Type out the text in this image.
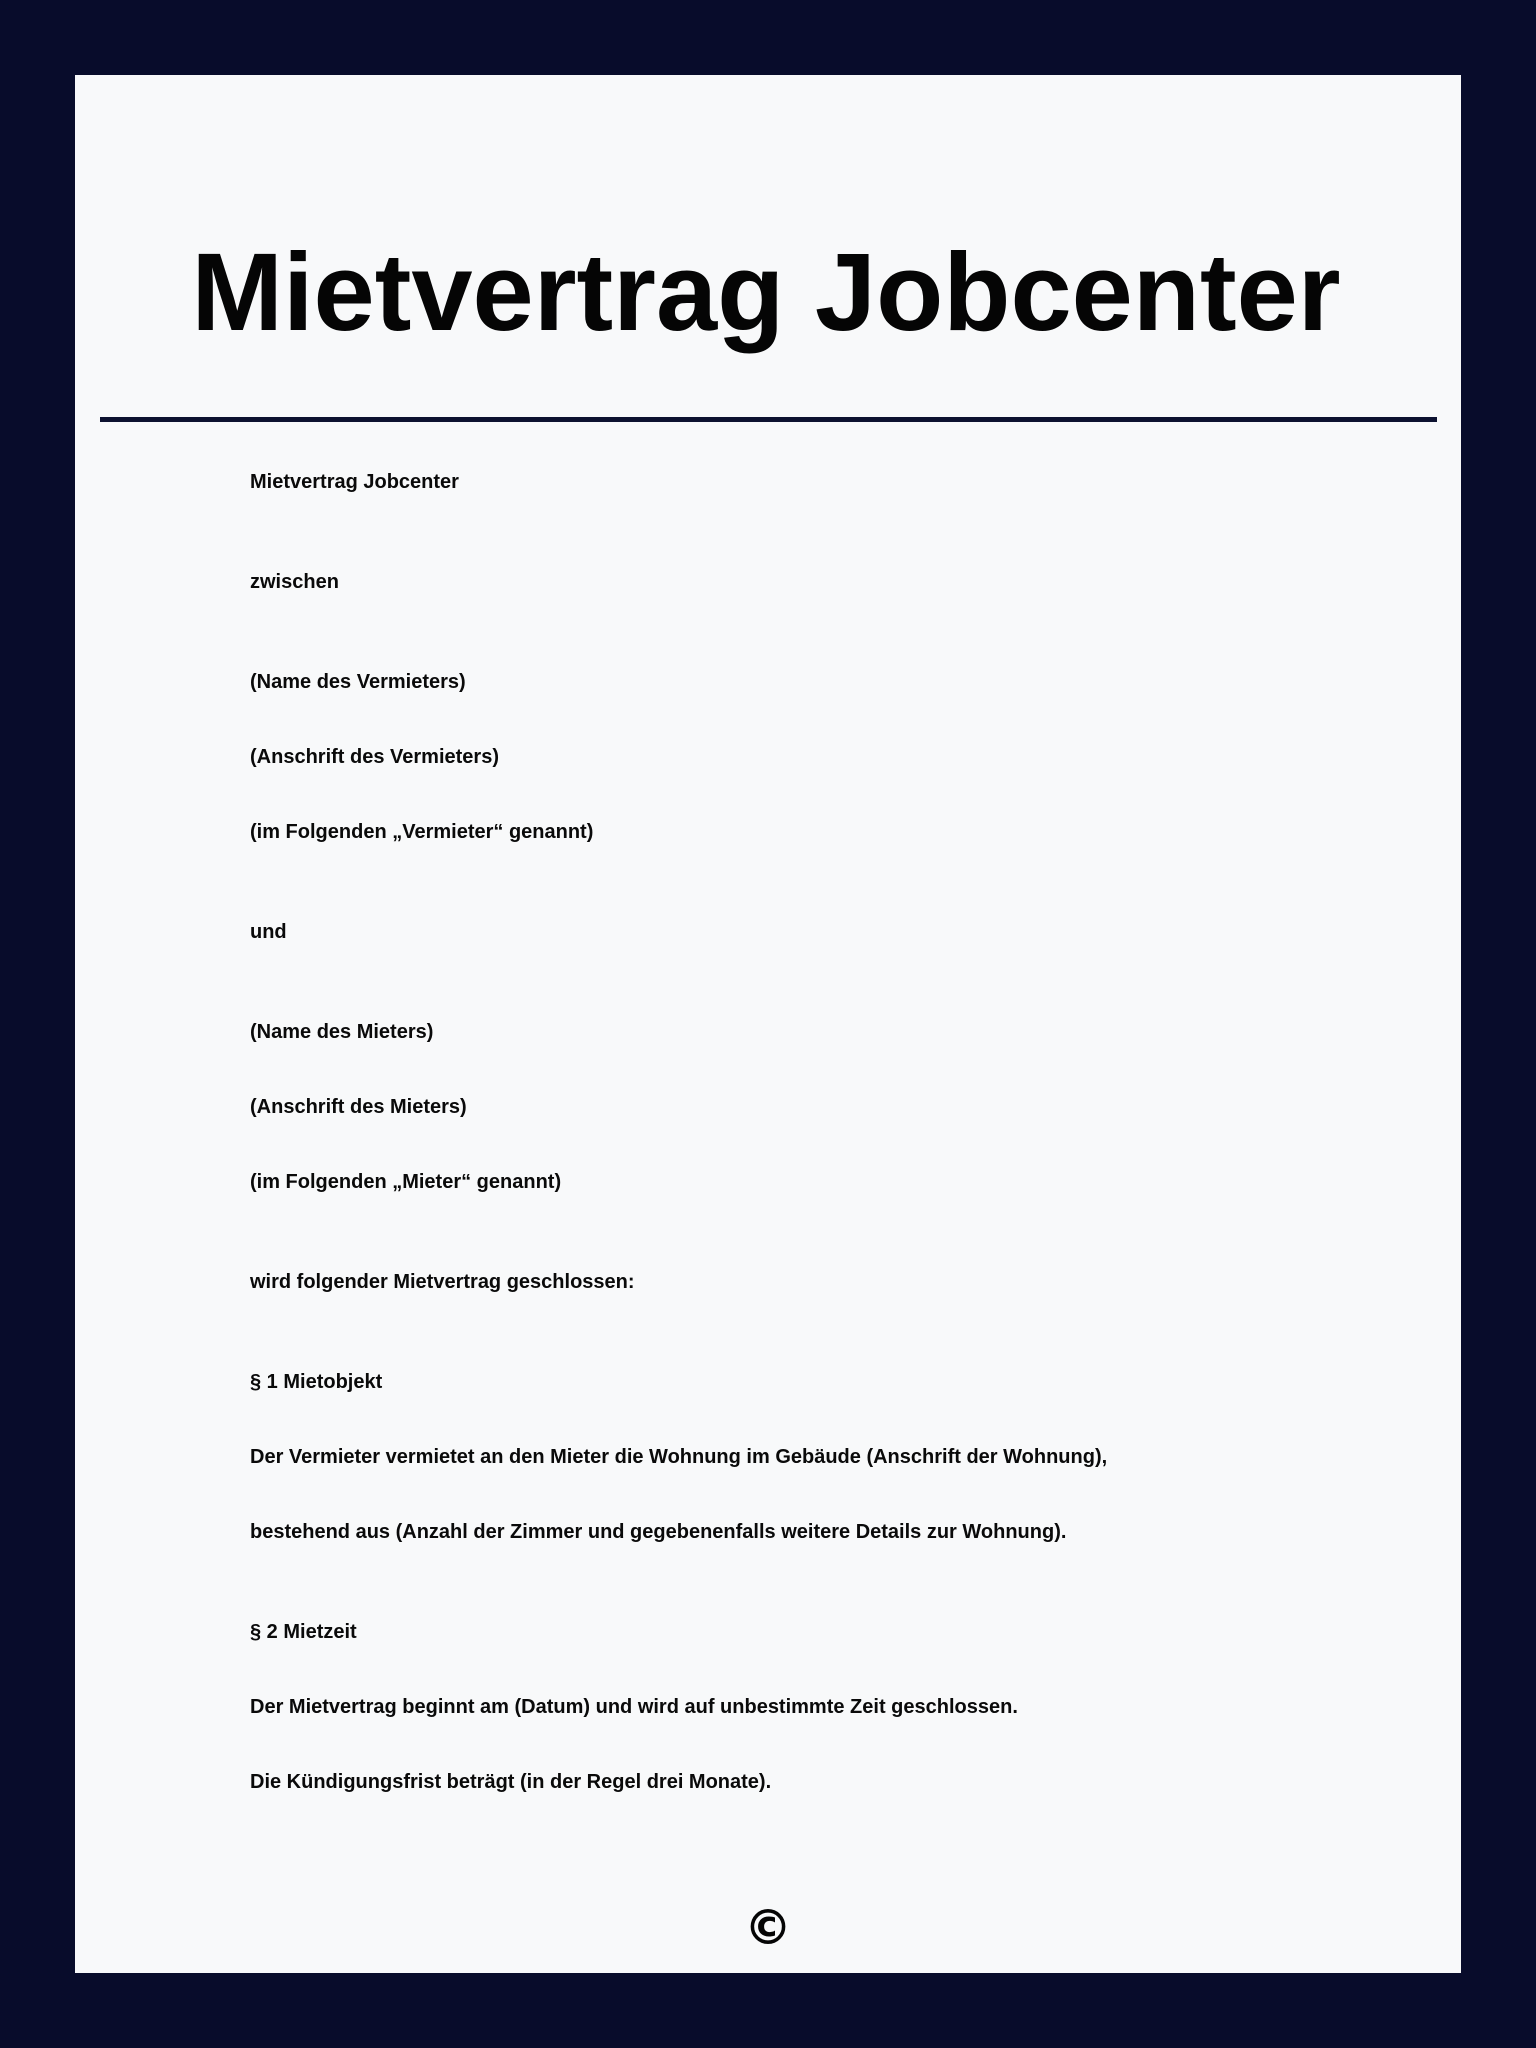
Mietvertrag Jobcenter

Mietvertrag Jobcenter

zwischen

(Name des Vermieters)

(Anschrift des Vermieters)

(im Folgenden „Vermieter“ genannt)

und

(Name des Mieters)

(Anschrift des Mieters)

(im Folgenden „Mieter“ genannt)

wird folgender Mietvertrag geschlossen:

§ 1 Mietobjekt

Der Vermieter vermietet an den Mieter die Wohnung im Gebäude (Anschrift der Wohnung),

bestehend aus (Anzahl der Zimmer und gegebenenfalls weitere Details zur Wohnung).

§ 2 Mietzeit

Der Mietvertrag beginnt am (Datum) und wird auf unbestimmte Zeit geschlossen.

Die Kündigungsfrist beträgt (in der Regel drei Monate).

©
